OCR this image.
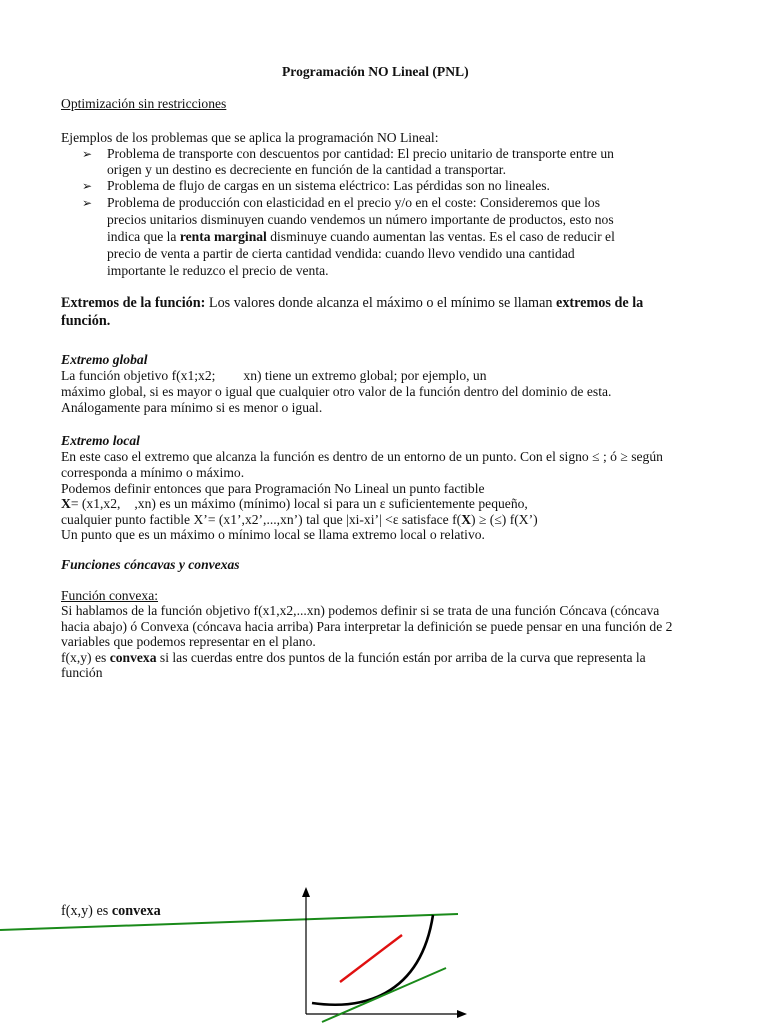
Programación NO Lineal (PNL)
Optimización sin restricciones
Ejemplos de los problemas que se aplica la programación NO Lineal:
➢ Problema de transporte con descuentos por cantidad: El precio unitario de transporte entre un
origen y un destino es decreciente en función de la cantidad a transportar.
➢ Problema de flujo de cargas en un sistema eléctrico: Las pérdidas son no lineales.
➢ Problema de producción con elasticidad en el precio y/o en el coste: Consideremos que los
precios unitarios disminuyen cuando vendemos un número importante de productos, esto nos
indica que la renta marginal disminuye cuando aumentan las ventas. Es el caso de reducir el
precio de venta a partir de cierta cantidad vendida: cuando llevo vendido una cantidad
importante le reduzco el precio de venta.
Extremos de la función: Los valores donde alcanza el máximo o el mínimo se llaman extremos de la
función.
Extremo global
La función objetivo f(x1;x2; xn) tiene un extremo global; por ejemplo, un
máximo global, si es mayor o igual que cualquier otro valor de la función dentro del dominio de esta.
Análogamente para mínimo si es menor o igual.
Extremo local
En este caso el extremo que alcanza la función es dentro de un entorno de un punto. Con el signo ≤ ; ó ≥ según
corresponda a mínimo o máximo.
Podemos definir entonces que para Programación No Lineal un punto factible
X= (x1,x2, ,xn) es un máximo (mínimo) local si para un ε suficientemente pequeño,
cualquier punto factible X’= (x1’,x2’,...,xn’) tal que |xi-xi’| <ε satisface f(X) ≥ (≤) f(X’)
Un punto que es un máximo o mínimo local se llama extremo local o relativo.
Funciones cóncavas y convexas
Función convexa:
Si hablamos de la función objetivo f(x1,x2,...xn) podemos definir si se trata de una función Cóncava (cóncava
hacia abajo) ó Convexa (cóncava hacia arriba) Para interpretar la definición se puede pensar en una función de 2
variables que podemos representar en el plano.
f(x,y) es convexa si las cuerdas entre dos puntos de la función están por arriba de la curva que representa la
función
f(x,y) es convexa
